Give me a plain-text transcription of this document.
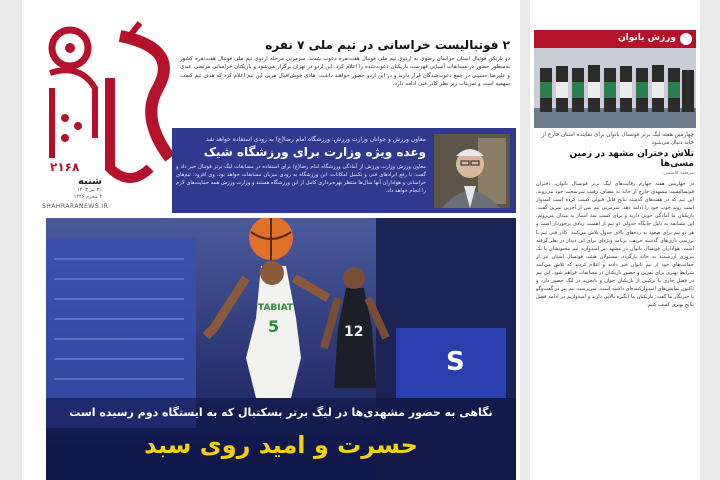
۲۱۶۸
شنبه
۲۰ تیر ۱۴۰۳
۴ محرم ۱۴۴۶
SHAHRARANEWS.IR
۲ فوتبالیست خراسانی در تیم ملی ۷ نفره

دو بازیکن فوتبال استان خراسان رضوی به اردوی تیم ملی فوتبال هفت‌نفره دعوت شدند. سرمربی مرحله اردوی تیم ملی فوتبال هفت‌نفره کشور به‌منظور حضور در مسابقات آسیایی فهرست بازیکنان دعوت‌شده را اعلام کرد. این اردو در تهران برگزار می‌شود و بازیکنان خراسانی مرتضی عبدی و علیرضا حسینی در جمع دعوت‌شدگان قرار دارند و در این اردو حضور خواهند داشت. هادی خوش‌اقبال مربی این تیم اعلام کرد که هدف تیم کسب سهمیه است و تمرینات زیر نظر کادر فنی ادامه دارد.

معاون ورزش و جوانان وزارت ورزش: ورزشگاه امام رضا(ع) به زودی استفاده خواهد شد
وعده ویژه وزارت برای ورزشگاه شیک

معاون ورزش وزارت ورزش از آمادگی ورزشگاه امام رضا(ع) برای استفاده در مسابقات لیگ برتر فوتبال خبر داد و گفت: با رفع ایرادهای فنی و تکمیل امکانات، این ورزشگاه به زودی میزبان مسابقات خواهد بود. وی افزود: تیم‌های خراسانی و هواداران آنها سال‌ها منتظر بهره‌برداری کامل از این ورزشگاه هستند و وزارت ورزش همه حمایت‌های لازم را انجام خواهد داد.

S
TABIAT
5	12
نگاهی به حضور مشهدی‌ها در لیگ برتر بسکتبال که به ایستگاه دوم رسیده است
حسرت و امید روی سبد
ورزش بانوان
چهارمین هفته لیگ برتر فوتسال بانوان برای نماینده استان خارج از خانه دنبال می‌شود
تلاش دختران مشهد در زمین مسی‌ها
مرضیه قاسمی
در چهارمین هفته چهارم رقابت‌های لیگ برتر فوتسال بانوان، دختران فوتسالیست مشهدی خارج از خانه به مصاف رقیب سرسخت خود می‌روند. این تیم که در هفته‌های گذشته نتایج قابل قبولی کسب کرده است امیدوار است روند خوب خود را ادامه دهد. سرمربی تیم پس از آخرین تمرین گفت: بازیکنان ما آمادگی خوبی دارند و برای کسب سه امتیاز به میدان می‌رویم. این مسابقه به دلیل جایگاه جدولی دو تیم از اهمیت زیادی برخوردار است و هر دو تیم برای صعود به رده‌های بالای جدول تلاش می‌کنند. کادر فنی تیم با بررسی بازی‌های گذشته حریف، برنامه ویژه‌ای برای این دیدار در نظر گرفته است. هواداران فوتسال بانوان در مشهد نیز امیدوارند تیم محبوبشان با یک پیروزی ارزشمند به خانه بازگردد. مسئولان هیئت فوتسال استان نیز از حمایت‌های خود از تیم بانوان خبر دادند و اعلام کردند که تلاش می‌کنند شرایط بهتری برای تمرین و حضور بازیکنان در مسابقات فراهم شود. این تیم در فصل جاری با ترکیبی از بازیکنان جوان و باتجربه در لیگ حضور دارد و تاکنون نمایش‌های امیدوارکننده‌ای داشته است. سرپرست تیم نیز در گفت‌وگو با خبرنگار ما گفت: بازیکنان ما انگیزه بالایی دارند و امیدواریم در ادامه فصل نتایج بهتری کسب کنیم.
